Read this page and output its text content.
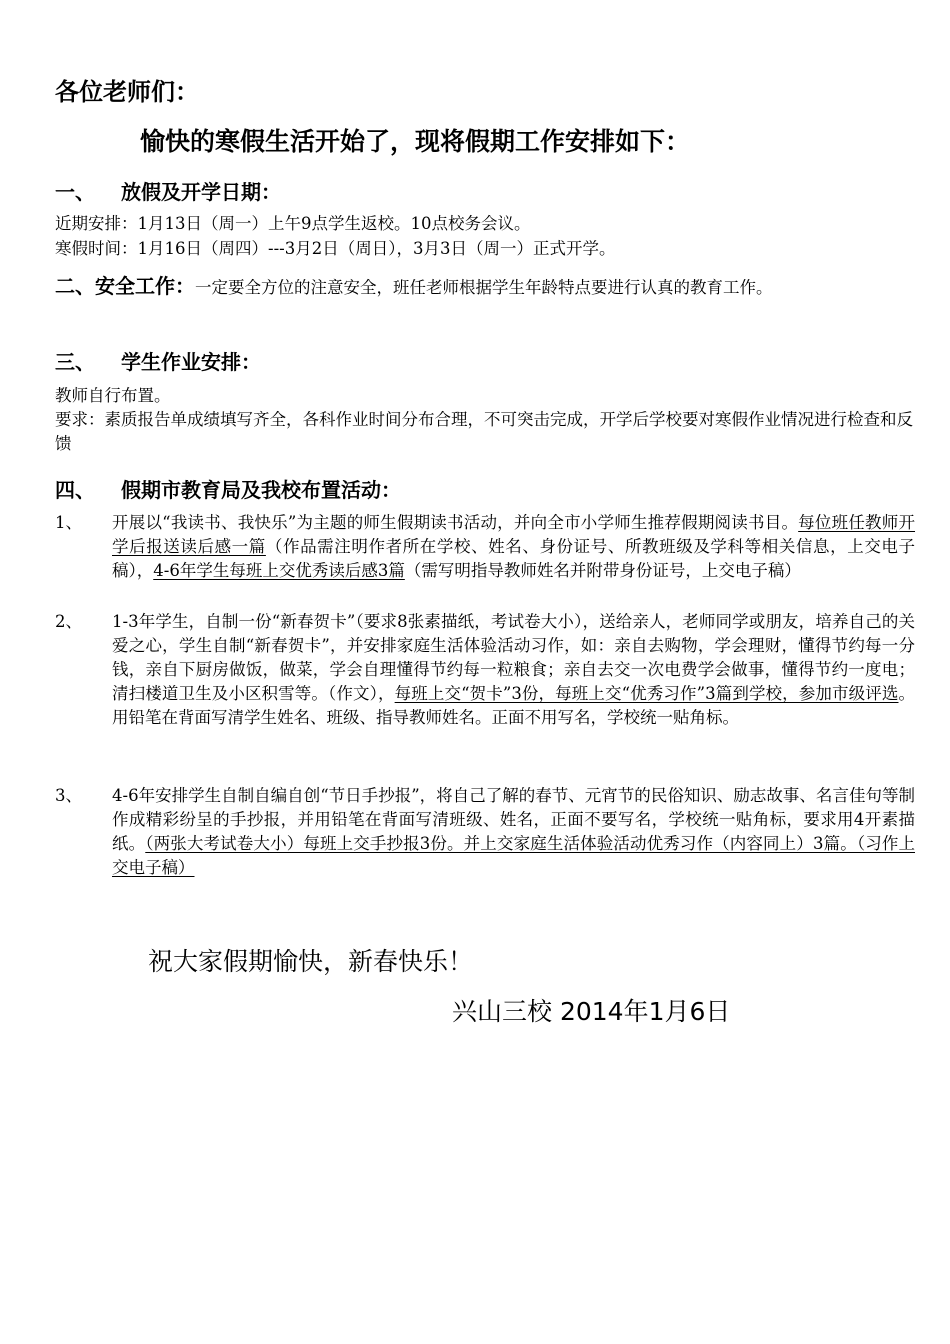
各位老师们：
愉快的寒假生活开始了，现将假期工作安排如下：
一、 放假及开学日期：
近期安排：1月13日（周一）上午9点学生返校。10点校务会议。
寒假时间：1月16日（周四）---3月2日（周日），3月3日（周一）正式开学。
二、安全工作：一定要全方位的注意安全，班任老师根据学生年龄特点要进行认真的教育工作。
三、 学生作业安排：
教师自行布置。
要求：素质报告单成绩填写齐全，各科作业时间分布合理，不可突击完成，开学后学校要对寒假作业情况进行检查和反馈
四、 假期市教育局及我校布置活动：
1、 开展以“我读书、我快乐”为主题的师生假期读书活动，并向全市小学师生推荐假期阅读书目。每位班任教师开学后报送读后感一篇（作品需注明作者所在学校、姓名、身份证号、所教班级及学科等相关信息，上交电子稿），4-6年学生每班上交优秀读后感3篇（需写明指导教师姓名并附带身份证号，上交电子稿）
2、 1-3年学生，自制一份“新春贺卡”（要求8张素描纸，考试卷大小），送给亲人，老师同学或朋友，培养自己的关爱之心，学生自制“新春贺卡”，并安排家庭生活体验活动习作，如：亲自去购物，学会理财，懂得节约每一分钱，亲自下厨房做饭，做菜，学会自理懂得节约每一粒粮食；亲自去交一次电费学会做事，懂得节约一度电；清扫楼道卫生及小区积雪等。（作文），每班上交“贺卡”3份，每班上交“优秀习作”3篇到学校，参加市级评选。用铅笔在背面写清学生姓名、班级、指导教师姓名。正面不用写名，学校统一贴角标。
3、 4-6年安排学生自制自编自创“节日手抄报”，将自己了解的春节、元宵节的民俗知识、励志故事、名言佳句等制作成精彩纷呈的手抄报，并用铅笔在背面写清班级、姓名，正面不要写名，学校统一贴角标，要求用4开素描纸。（两张大考试卷大小）每班上交手抄报3份。并上交家庭生活体验活动优秀习作（内容同上）3篇。（习作上交电子稿）
祝大家假期愉快，新春快乐！
兴山三校 2014年1月6日
